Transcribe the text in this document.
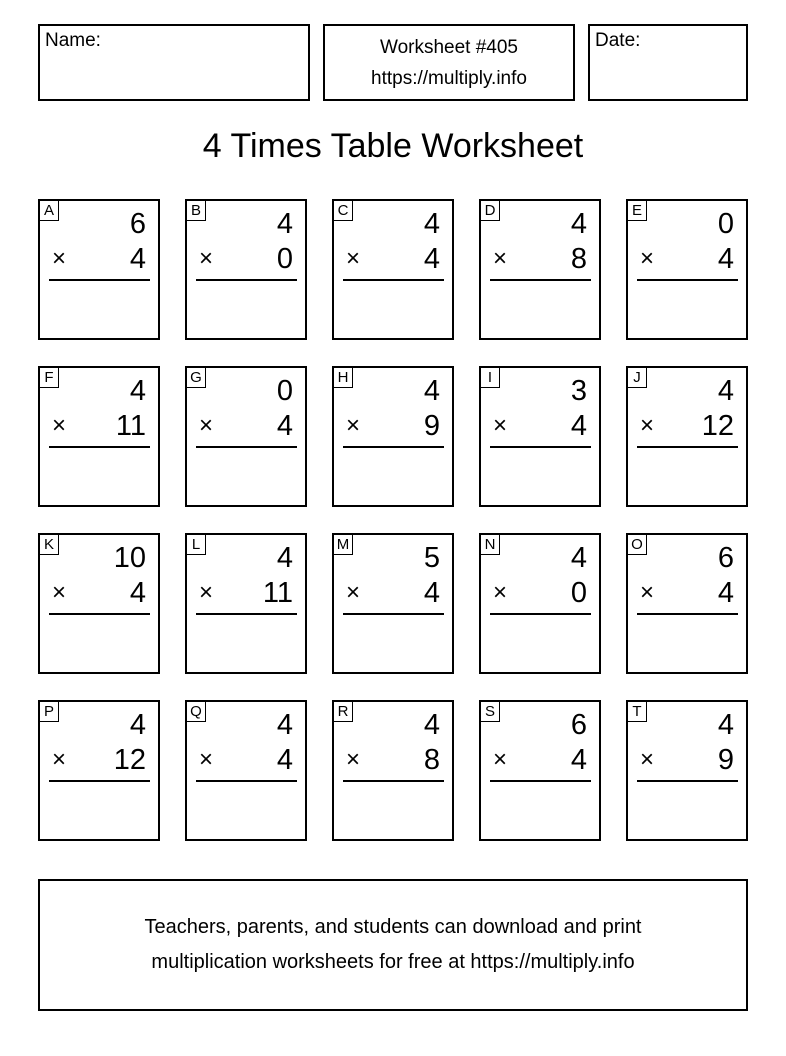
Name:	Worksheet #405
https://multiply.info
Date:
4 Times Table Worksheet
A	6
× 4
B	4
× 0
C	4
× 4
D	4
× 8
E	0
× 4
F	4
× 11
G	0
× 4
H	4
× 9
I	3
× 4
J	4
× 12
K 10
× 4
L	4
× 11
M	5
× 4
N	4
× 0
O	6
× 4
P	4
× 12
Q	4
× 4
R	4
× 8
S	6
× 4
T	4
× 9
Teachers, parents, and students can download and print
multiplication worksheets for free at https://multiply.info
